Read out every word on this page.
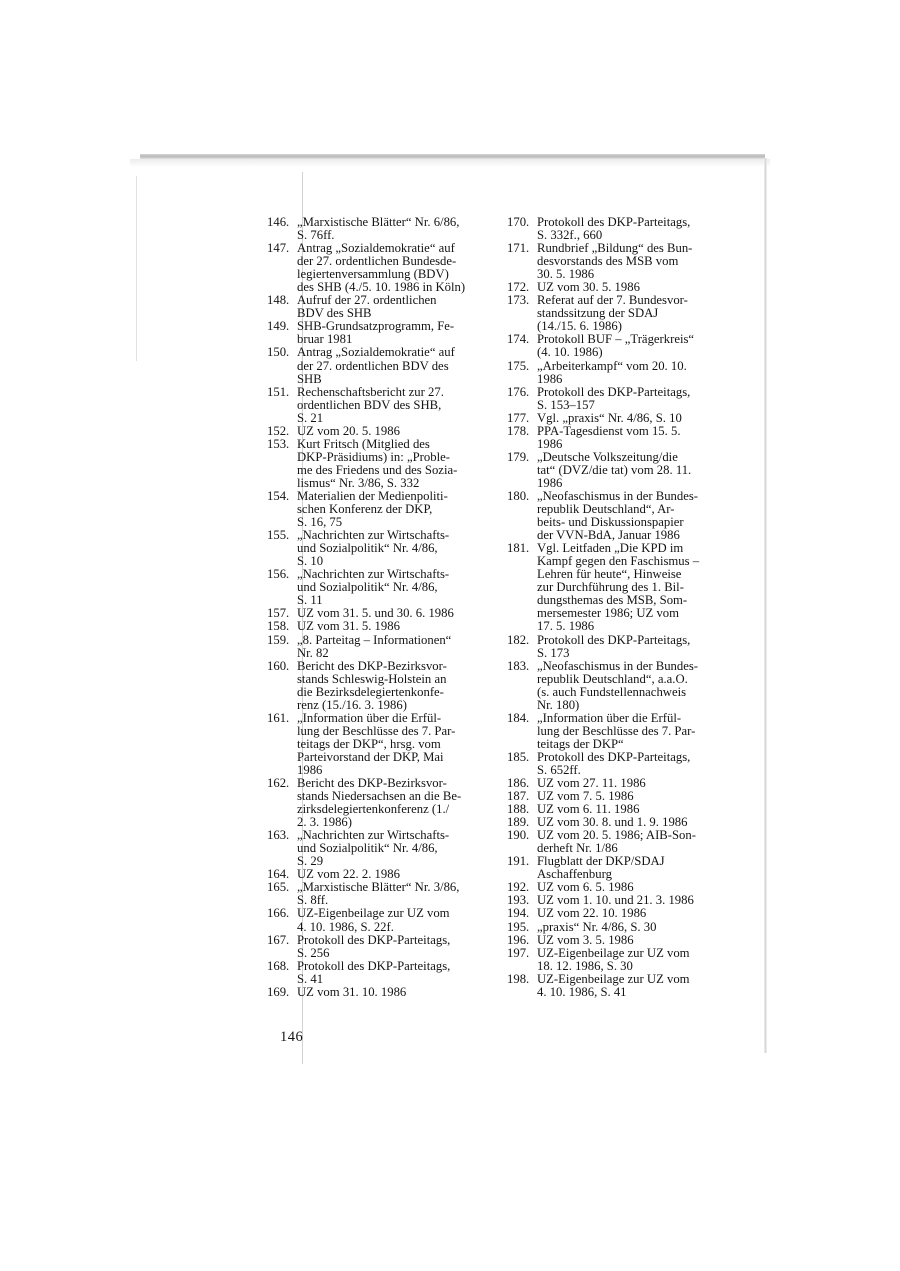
146. „Marxistische Blätter“ Nr. 6/86,
S. 76ff.
147. Antrag „Sozialdemokratie“ auf
der 27. ordentlichen Bundesde-
legiertenversammlung (BDV)
des SHB (4./5. 10. 1986 in Köln)
148. Aufruf der 27. ordentlichen
BDV des SHB
149. SHB-Grundsatzprogramm, Fe-
bruar 1981
150. Antrag „Sozialdemokratie“ auf
der 27. ordentlichen BDV des
SHB
151. Rechenschaftsbericht zur 27.
ordentlichen BDV des SHB,
S. 21
152. UZ vom 20. 5. 1986
153. Kurt Fritsch (Mitglied des
DKP-Präsidiums) in: „Proble-
me des Friedens und des Sozia-
lismus“ Nr. 3/86, S. 332
154. Materialien der Medienpoliti-
schen Konferenz der DKP,
S. 16, 75
155. „Nachrichten zur Wirtschafts-
und Sozialpolitik“ Nr. 4/86,
S. 10
156. „Nachrichten zur Wirtschafts-
und Sozialpolitik“ Nr. 4/86,
S. 11
157. UZ vom 31. 5. und 30. 6. 1986
158. UZ vom 31. 5. 1986
159. „8. Parteitag – Informationen“
Nr. 82
160. Bericht des DKP-Bezirksvor-
stands Schleswig-Holstein an
die Bezirksdelegiertenkonfe-
renz (15./16. 3. 1986)
161. „Information über die Erfül-
lung der Beschlüsse des 7. Par-
teitags der DKP“, hrsg. vom
Parteivorstand der DKP, Mai
1986
162. Bericht des DKP-Bezirksvor-
stands Niedersachsen an die Be-
zirksdelegiertenkonferenz (1./
2. 3. 1986)
163. „Nachrichten zur Wirtschafts-
und Sozialpolitik“ Nr. 4/86,
S. 29
164. UZ vom 22. 2. 1986
165. „Marxistische Blätter“ Nr. 3/86,
S. 8ff.
166. UZ-Eigenbeilage zur UZ vom
4. 10. 1986, S. 22f.
167. Protokoll des DKP-Parteitags,
S. 256
168. Protokoll des DKP-Parteitags,
S. 41
169. UZ vom 31. 10. 1986
170. Protokoll des DKP-Parteitags,
S. 332f., 660
171. Rundbrief „Bildung“ des Bun-
desvorstands des MSB vom
30. 5. 1986
172. UZ vom 30. 5. 1986
173. Referat auf der 7. Bundesvor-
standssitzung der SDAJ
(14./15. 6. 1986)
174. Protokoll BUF – „Trägerkreis“
(4. 10. 1986)
175. „Arbeiterkampf“ vom 20. 10.
1986
176. Protokoll des DKP-Parteitags,
S. 153–157
177. Vgl. „praxis“ Nr. 4/86, S. 10
178. PPA-Tagesdienst vom 15. 5.
1986
179. „Deutsche Volkszeitung/die
tat“ (DVZ/die tat) vom 28. 11.
1986
180. „Neofaschismus in der Bundes-
republik Deutschland“, Ar-
beits- und Diskussionspapier
der VVN-BdA, Januar 1986
181. Vgl. Leitfaden „Die KPD im
Kampf gegen den Faschismus –
Lehren für heute“, Hinweise
zur Durchführung des 1. Bil-
dungsthemas des MSB, Som-
mersemester 1986; UZ vom
17. 5. 1986
182. Protokoll des DKP-Parteitags,
S. 173
183. „Neofaschismus in der Bundes-
republik Deutschland“, a.a.O.
(s. auch Fundstellennachweis
Nr. 180)
184. „Information über die Erfül-
lung der Beschlüsse des 7. Par-
teitags der DKP“
185. Protokoll des DKP-Parteitags,
S. 652ff.
186. UZ vom 27. 11. 1986
187. UZ vom 7. 5. 1986
188. UZ vom 6. 11. 1986
189. UZ vom 30. 8. und 1. 9. 1986
190. UZ vom 20. 5. 1986; AIB-Son-
derheft Nr. 1/86
191. Flugblatt der DKP/SDAJ
Aschaffenburg
192. UZ vom 6. 5. 1986
193. UZ vom 1. 10. und 21. 3. 1986
194. UZ vom 22. 10. 1986
195. „praxis“ Nr. 4/86, S. 30
196. UZ vom 3. 5. 1986
197. UZ-Eigenbeilage zur UZ vom
18. 12. 1986, S. 30
198. UZ-Eigenbeilage zur UZ vom
4. 10. 1986, S. 41
146
